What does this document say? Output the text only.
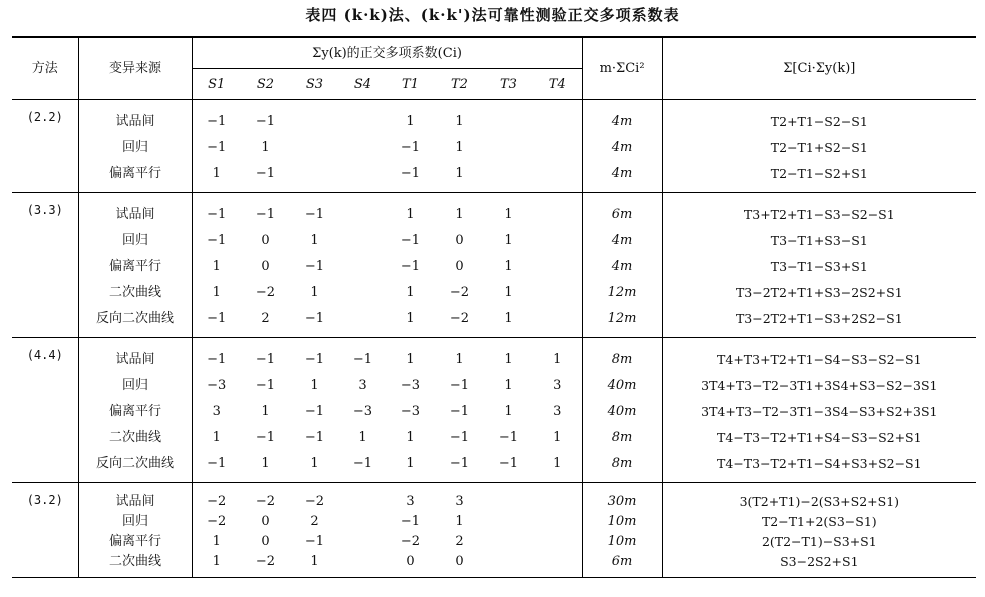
表四 (k·k)法、(k·k')法可靠性测验正交多项系数表
方法	变异来源	Σy(k)的正交多项系数(Ci)								m·ΣCi²	Σ[Ci·Σy(k)]
		S1	S2	S3	S4	T1	T2	T3	T4		
(2.2)	试品间	−1	−1			1	1			4m	T2+T1−S2−S1
	回归	−1	1			−1	1			4m	T2−T1+S2−S1
	偏离平行	1	−1			−1	1			4m	T2−T1−S2+S1
(3.3)	试品间	−1	−1	−1		1	1	1		6m	T3+T2+T1−S3−S2−S1
	回归	−1	0	1		−1	0	1		4m	T3−T1+S3−S1
	偏离平行	1	0	−1		−1	0	1		4m	T3−T1−S3+S1
	二次曲线	1	−2	1		1	−2	1		12m	T3−2T2+T1+S3−2S2+S1
	反向二次曲线	−1	2	−1		1	−2	1		12m	T3−2T2+T1−S3+2S2−S1
(4.4)	试品间	−1	−1	−1	−1	1	1	1	1	8m	T4+T3+T2+T1−S4−S3−S2−S1
	回归	−3	−1	1	3	−3	−1	1	3	40m	3T4+T3−T2−3T1+3S4+S3−S2−3S1
	偏离平行	3	1	−1	−3	−3	−1	1	3	40m	3T4+T3−T2−3T1−3S4−S3+S2+3S1
	二次曲线	1	−1	−1	1	1	−1	−1	1	8m	T4−T3−T2+T1+S4−S3−S2+S1
	反向二次曲线	−1	1	1	−1	1	−1	−1	1	8m	T4−T3−T2+T1−S4+S3+S2−S1
(3.2)	试品间	−2	−2	−2		3	3			30m	3(T2+T1)−2(S3+S2+S1)
	回归	−2	0	2		−1	1			10m	T2−T1+2(S3−S1)
	偏离平行	1	0	−1		−2	2			10m	2(T2−T1)−S3+S1
	二次曲线	1	−2	1		0	0			6m	S3−2S2+S1
